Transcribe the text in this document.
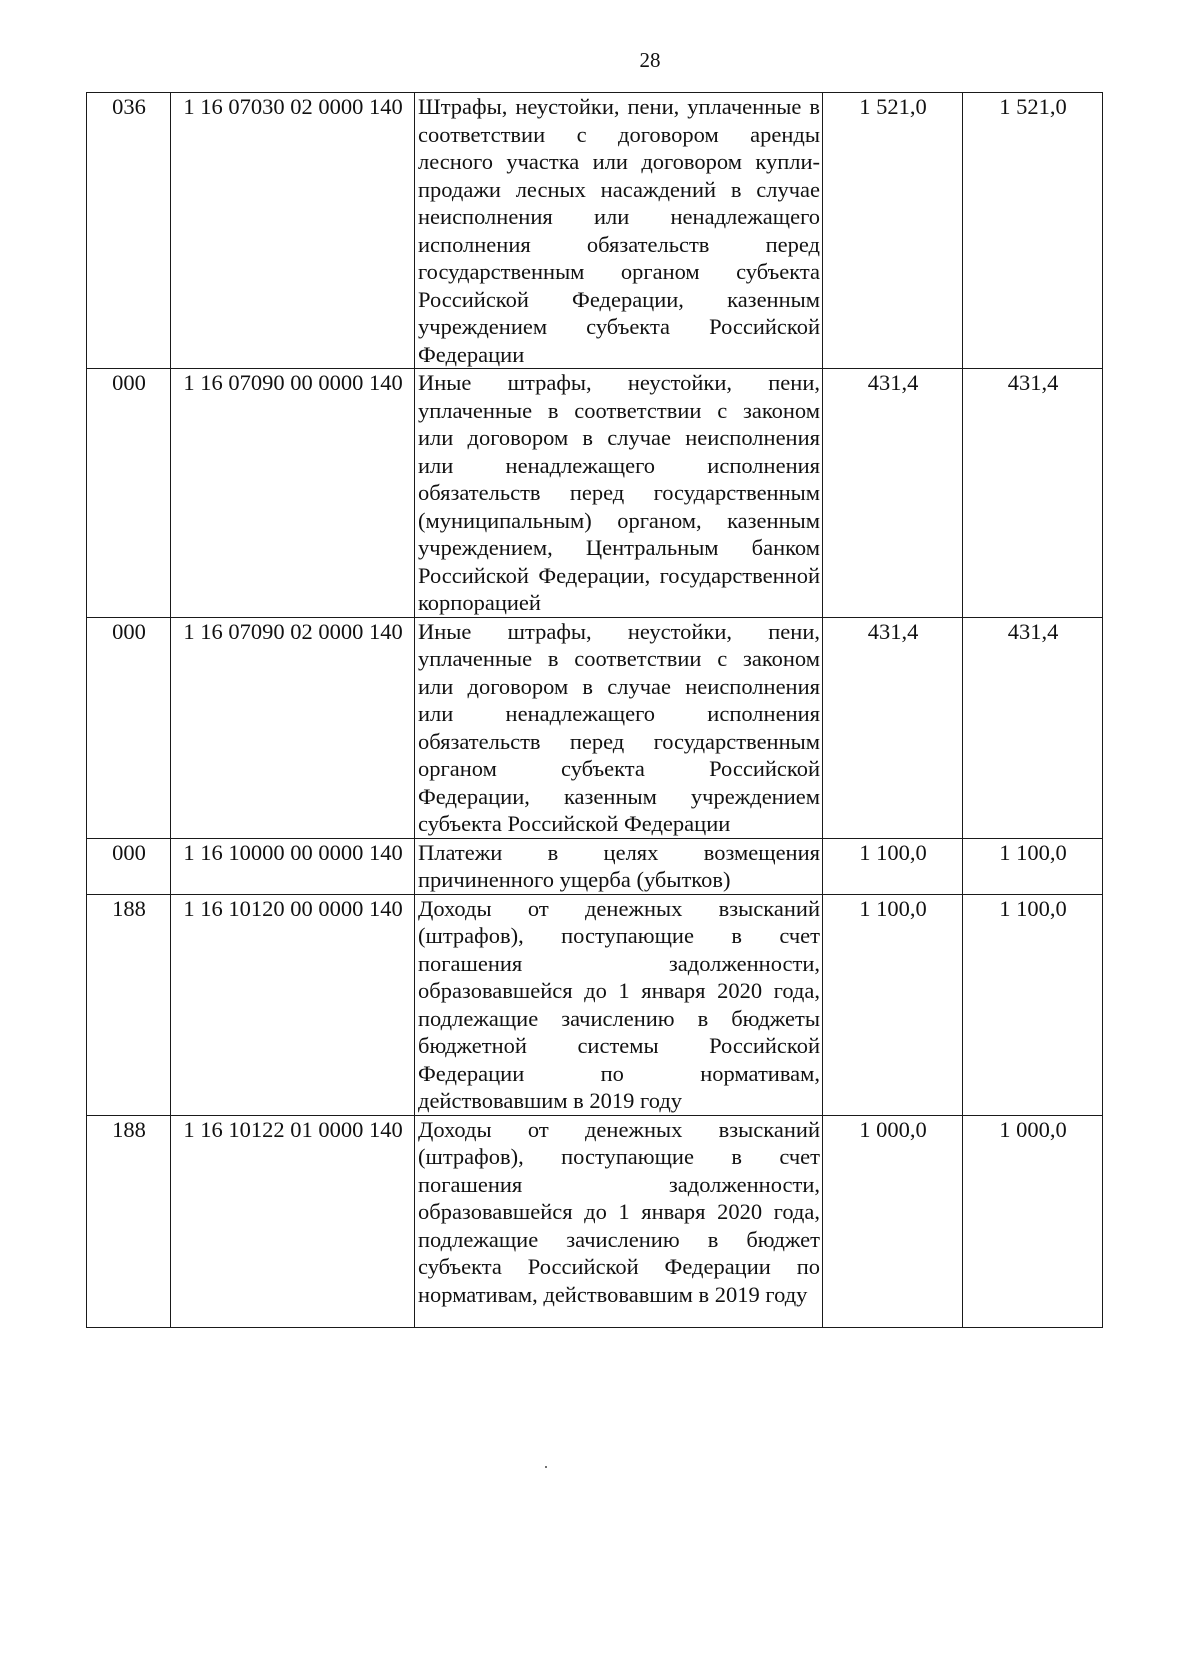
28
036	1 16 07030 02 0000 140	Штрафы, неустойки, пени, уплаченные в соответствии с договором аренды лесного участка или договором купли-продажи лесных насаждений в случае неисполнения или ненадлежащего исполнения обязательств перед государственным органом субъекта Российской Федерации, казенным учреждением субъекта Российской Федерации	1 521,0	1 521,0
000	1 16 07090 00 0000 140	Иные штрафы, неустойки, пени, уплаченные в соответствии с законом или договором в случае неисполнения или ненадлежащего исполнения обязательств перед государственным (муниципальным) органом, казенным учреждением, Центральным банком Российской Федерации, государственной корпорацией	431,4	431,4
000	1 16 07090 02 0000 140	Иные штрафы, неустойки, пени, уплаченные в соответствии с законом или договором в случае неисполнения или ненадлежащего исполнения обязательств перед государственным органом субъекта Российской Федерации, казенным учреждением субъекта Российской Федерации	431,4	431,4
000	1 16 10000 00 0000 140	Платежи в целях возмещения причиненного ущерба (убытков)	1 100,0	1 100,0
188	1 16 10120 00 0000 140	Доходы от денежных взысканий (штрафов), поступающие в счет погашения задолженности, образовавшейся до 1 января 2020 года, подлежащие зачислению в бюджеты бюджетной системы Российской Федерации по нормативам, действовавшим в 2019 году	1 100,0	1 100,0
188	1 16 10122 01 0000 140	Доходы от денежных взысканий (штрафов), поступающие в счет погашения задолженности, образовавшейся до 1 января 2020 года, подлежащие зачислению в бюджет субъекта Российской Федерации по нормативам, действовавшим в 2019 году	1 000,0	1 000,0
